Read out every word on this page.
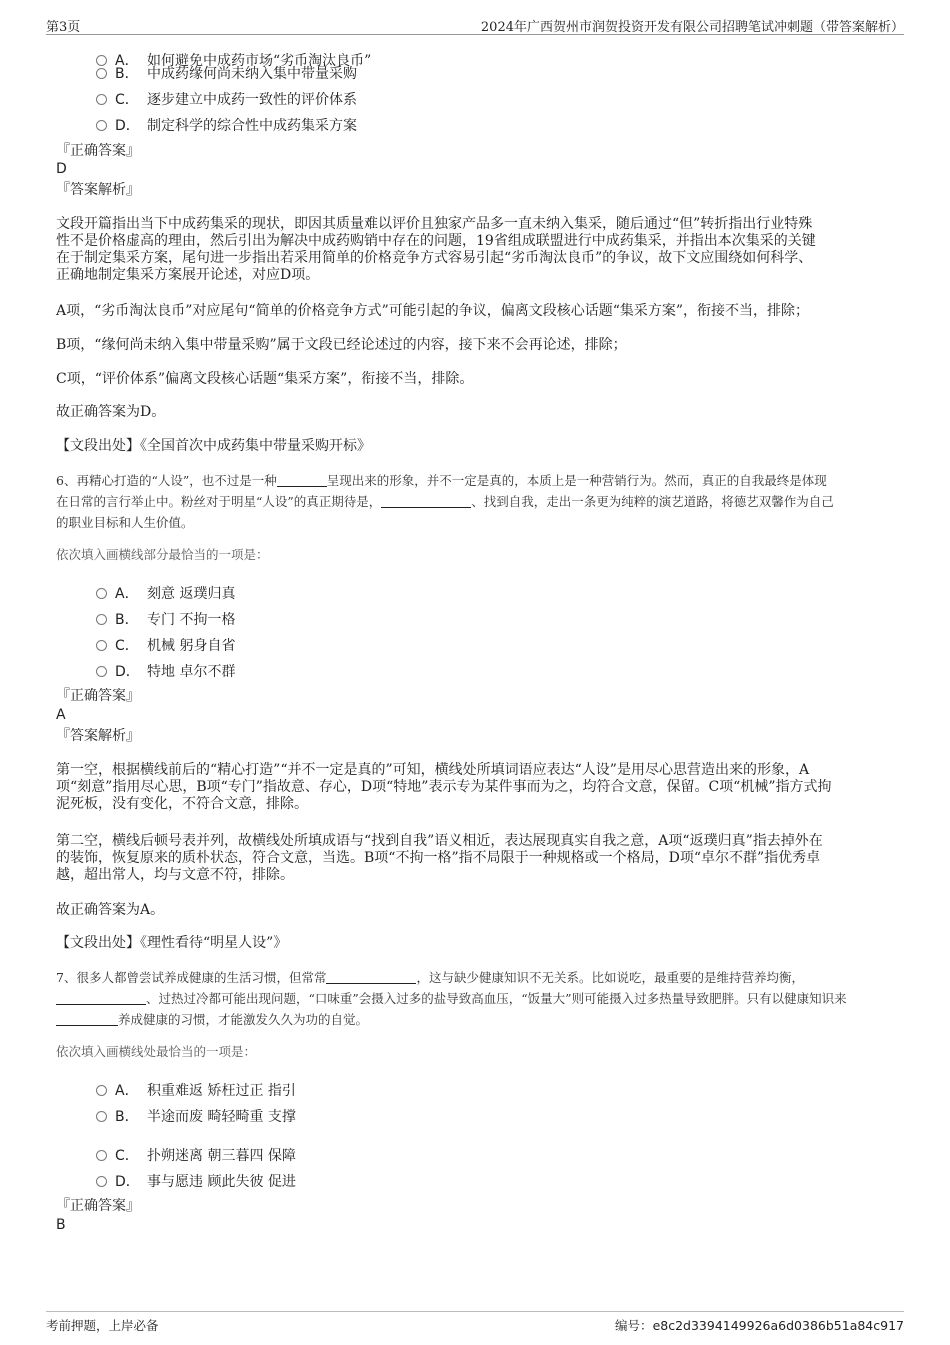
第3页	2024年广西贺州市润贺投资开发有限公司招聘笔试冲刺题（带答案解析）
A． 如何避免中成药市场“劣币淘汰良币”
B． 中成药缘何尚未纳入集中带量采购
C． 逐步建立中成药一致性的评价体系
D． 制定科学的综合性中成药集采方案
『正确答案』
D
『答案解析』
文段开篇指出当下中成药集采的现状，即因其质量难以评价且独家产品多一直未纳入集采，随后通过“但”转折指出行业特殊
性不是价格虚高的理由，然后引出为解决中成药购销中存在的问题，19省组成联盟进行中成药集采，并指出本次集采的关键
在于制定集采方案，尾句进一步指出若采用简单的价格竞争方式容易引起“劣币淘汰良币”的争议，故下文应围绕如何科学、
正确地制定集采方案展开论述，对应D项。
A项，“劣币淘汰良币”对应尾句“简单的价格竞争方式”可能引起的争议，偏离文段核心话题“集采方案”，衔接不当，排除；
B项，“缘何尚未纳入集中带量采购”属于文段已经论述过的内容，接下来不会再论述，排除；
C项，“评价体系”偏离文段核心话题“集采方案”，衔接不当，排除。
故正确答案为D。
【文段出处】《全国首次中成药集中带量采购开标》
6、再精心打造的“人设”，也不过是一种	呈现出来的形象，并不一定是真的，本质上是一种营销行为。然而，真正的自我最终是体现
在日常的言行举止中。粉丝对于明星“人设”的真正期待是，	、找到自我，走出一条更为纯粹的演艺道路，将德艺双馨作为自己
的职业目标和人生价值。
依次填入画横线部分最恰当的一项是：
A． 刻意 返璞归真
B． 专门 不拘一格
C． 机械 躬身自省
D． 特地 卓尔不群
『正确答案』
A
『答案解析』
第一空，根据横线前后的“精心打造”“并不一定是真的”可知，横线处所填词语应表达“人设”是用尽心思营造出来的形象，A
项“刻意”指用尽心思，B项“专门”指故意、存心，D项“特地”表示专为某件事而为之，均符合文意，保留。C项“机械”指方式拘
泥死板，没有变化，不符合文意，排除。
第二空，横线后顿号表并列，故横线处所填成语与“找到自我”语义相近，表达展现真实自我之意，A项“返璞归真”指去掉外在
的装饰，恢复原来的质朴状态，符合文意，当选。B项“不拘一格”指不局限于一种规格或一个格局，D项“卓尔不群”指优秀卓
越，超出常人，均与文意不符，排除。
故正确答案为A。
【文段出处】《理性看待“明星人设”》
7、很多人都曾尝试养成健康的生活习惯，但常常	，这与缺少健康知识不无关系。比如说吃，最重要的是维持营养均衡，
、过热过冷都可能出现问题，“口味重”会摄入过多的盐导致高血压，“饭量大”则可能摄入过多热量导致肥胖。只有以健康知识来
养成健康的习惯，才能激发久久为功的自觉。
依次填入画横线处最恰当的一项是：
A． 积重难返 矫枉过正 指引
B． 半途而废 畸轻畸重 支撑
C． 扑朔迷离 朝三暮四 保障
D． 事与愿违 顾此失彼 促进
『正确答案』
B
考前押题，上岸必备	编号：e8c2d3394149926a6d0386b51a84c917
